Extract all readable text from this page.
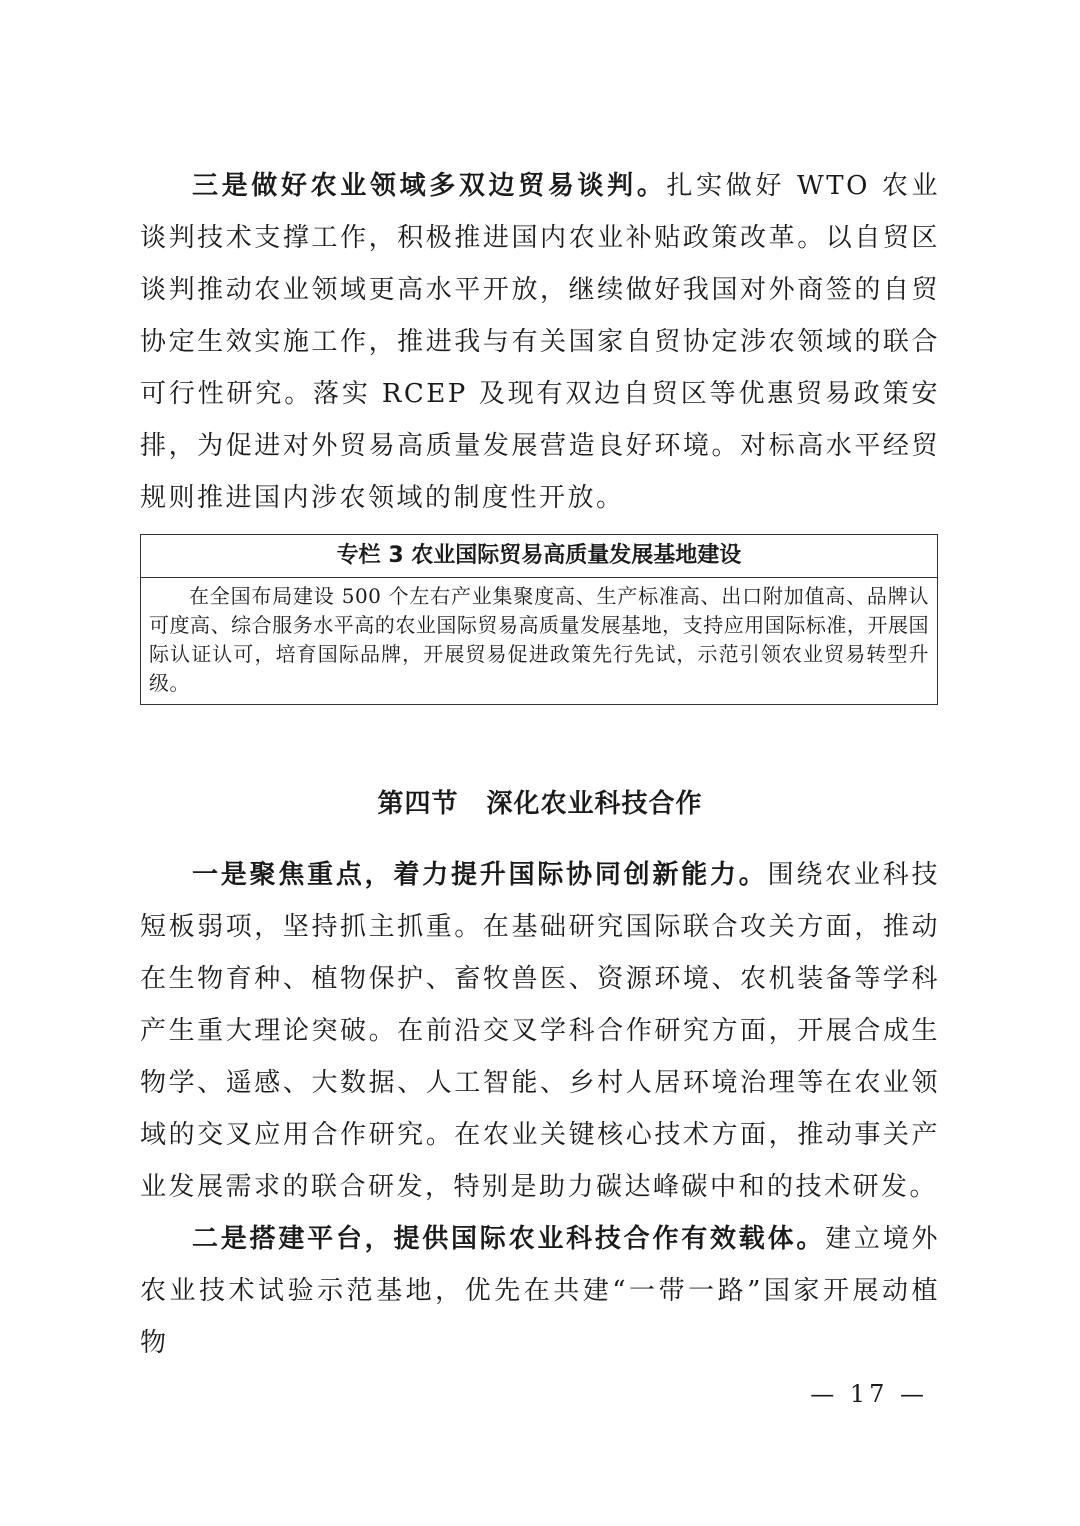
三是做好农业领域多双边贸易谈判。扎实做好 WTO 农业谈判技术支撑工作，积极推进国内农业补贴政策改革。以自贸区谈判推动农业领域更高水平开放，继续做好我国对外商签的自贸协定生效实施工作，推进我与有关国家自贸协定涉农领域的联合可行性研究。落实 RCEP 及现有双边自贸区等优惠贸易政策安排，为促进对外贸易高质量发展营造良好环境。对标高水平经贸规则推进国内涉农领域的制度性开放。

专栏 3 农业国际贸易高质量发展基地建设

在全国布局建设 500 个左右产业集聚度高、生产标准高、出口附加值高、品牌认可度高、综合服务水平高的农业国际贸易高质量发展基地，支持应用国际标准，开展国际认证认可，培育国际品牌，开展贸易促进政策先行先试，示范引领农业贸易转型升级。

第四节 深化农业科技合作

一是聚焦重点，着力提升国际协同创新能力。围绕农业科技短板弱项，坚持抓主抓重。在基础研究国际联合攻关方面，推动在生物育种、植物保护、畜牧兽医、资源环境、农机装备等学科产生重大理论突破。在前沿交叉学科合作研究方面，开展合成生物学、遥感、大数据、人工智能、乡村人居环境治理等在农业领域的交叉应用合作研究。在农业关键核心技术方面，推动事关产业发展需求的联合研发，特别是助力碳达峰碳中和的技术研发。

二是搭建平台，提供国际农业科技合作有效载体。建立境外农业技术试验示范基地，优先在共建“一带一路”国家开展动植物

— 17 —
